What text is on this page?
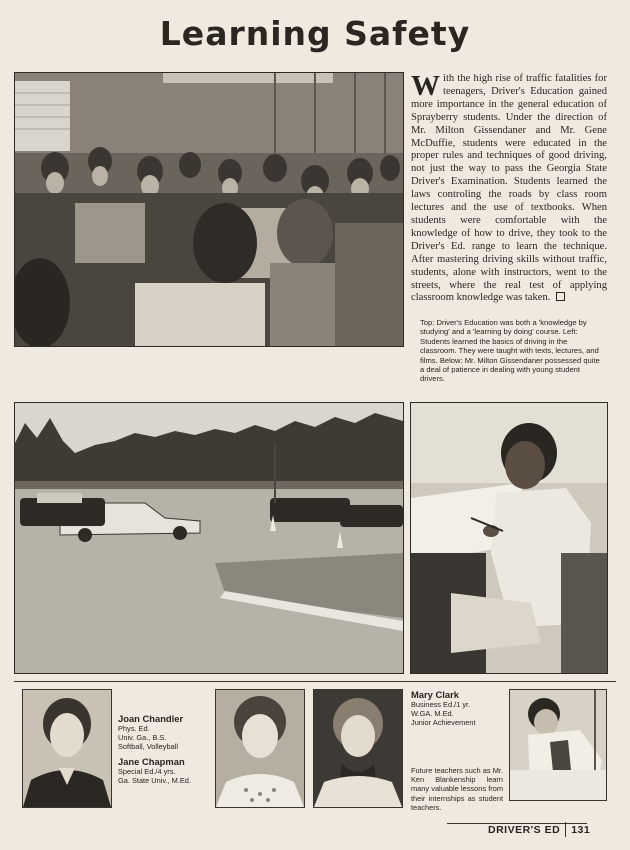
Learning Safety
With the high rise of traffic fatalities for teenagers, Driver's Education gained more importance in the general education of Sprayberry students. Under the direction of Mr. Milton Gissendaner and Mr. Gene McDuffie, students were educated in the proper rules and techniques of good driving, not just the way to pass the Georgia State Driver's Examination. Students learned the laws controling the roads by class room lectures and the use of textbooks. When students were comfortable with the knowledge of how to drive, they took to the Driver's Ed. range to learn the technique. After mastering driving skills without traffic, students, alone with instructors, went to the streets, where the real test of applying classroom knowledge was taken.
Top: Driver's Education was both a 'knowledge by studying' and a 'learning by doing' course. Left: Students learned the basics of driving in the classroom. They were taught with texts, lectures, and films. Below: Mr. Milton Gissendaner possessed quite a deal of patience in dealing with young student drivers.
Joan Chandler
Phys. Ed.
Univ. Ga., B.S.
Softball, Volleyball
Jane Chapman
Special Ed./4 yrs.
Ga. State Univ., M.Ed.
Mary Clark
Business Ed./1 yr.
W.GA. M.Ed.
Junior Achievement
Future teachers such as Mr. Ken Blankenship learn many valuable lessons from their internships as student teachers.
DRIVER'S ED 131
